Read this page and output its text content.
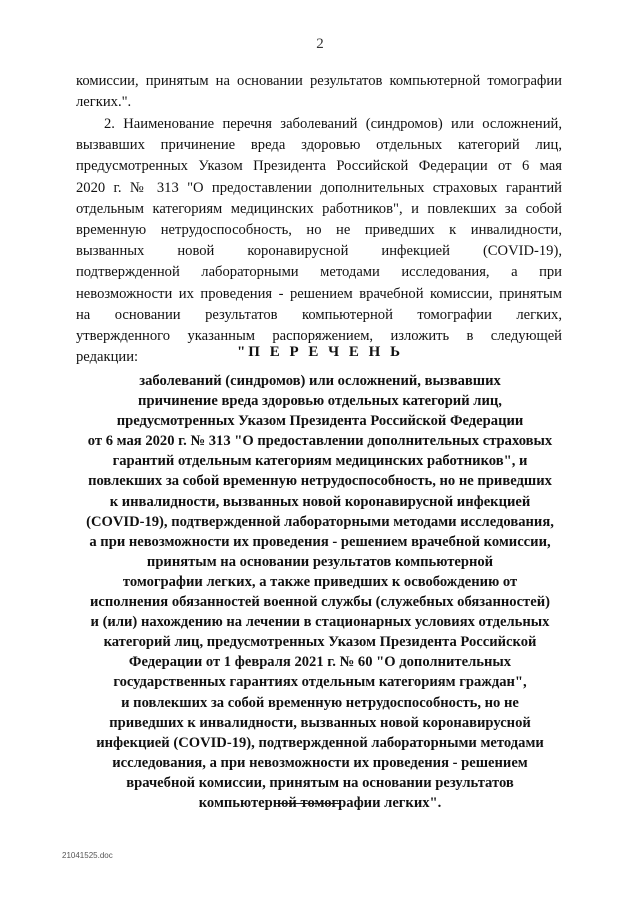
2
комиссии, принятым на основании результатов компьютерной томографии
легких.".
2. Наименование перечня заболеваний (синдромов) или осложнений,
вызвавших причинение вреда здоровью отдельных категорий лиц,
предусмотренных Указом Президента Российской Федерации от 6 мая
2020 г. № 313 "О предоставлении дополнительных страховых гарантий
отдельным категориям медицинских работников", и повлекших за собой
временную нетрудоспособность, но не приведших к инвалидности,
вызванных новой коронавирусной инфекцией (COVID-19),
подтвержденной лабораторными методами исследования, а при
невозможности их проведения - решением врачебной комиссии, принятым
на основании результатов компьютерной томографии легких,
утвержденного указанным распоряжением, изложить в следующей
редакции:	"П Е Р Е Ч Е Н Ь
заболеваний (синдромов) или осложнений, вызвавших
причинение вреда здоровью отдельных категорий лиц,
предусмотренных Указом Президента Российской Федерации
от 6 мая 2020 г. № 313 "О предоставлении дополнительных страховых
гарантий отдельным категориям медицинских работников", и
повлекших за собой временную нетрудоспособность, но не приведших
к инвалидности, вызванных новой коронавирусной инфекцией
(COVID-19), подтвержденной лабораторными методами исследования,
а при невозможности их проведения - решением врачебной комиссии,
принятым на основании результатов компьютерной
томографии легких, а также приведших к освобождению от
исполнения обязанностей военной службы (служебных обязанностей)
и (или) нахождению на лечении в стационарных условиях отдельных
категорий лиц, предусмотренных Указом Президента Российской
Федерации от 1 февраля 2021 г. № 60 "О дополнительных
государственных гарантиях отдельным категориям граждан",
и повлекших за собой временную нетрудоспособность, но не
приведших к инвалидности, вызванных новой коронавирусной
инфекцией (COVID-19), подтвержденной лабораторными методами
исследования, а при невозможности их проведения - решением
врачебной комиссии, принятым на основании результатов
компьютерной томографии легких".
21041525.doc
